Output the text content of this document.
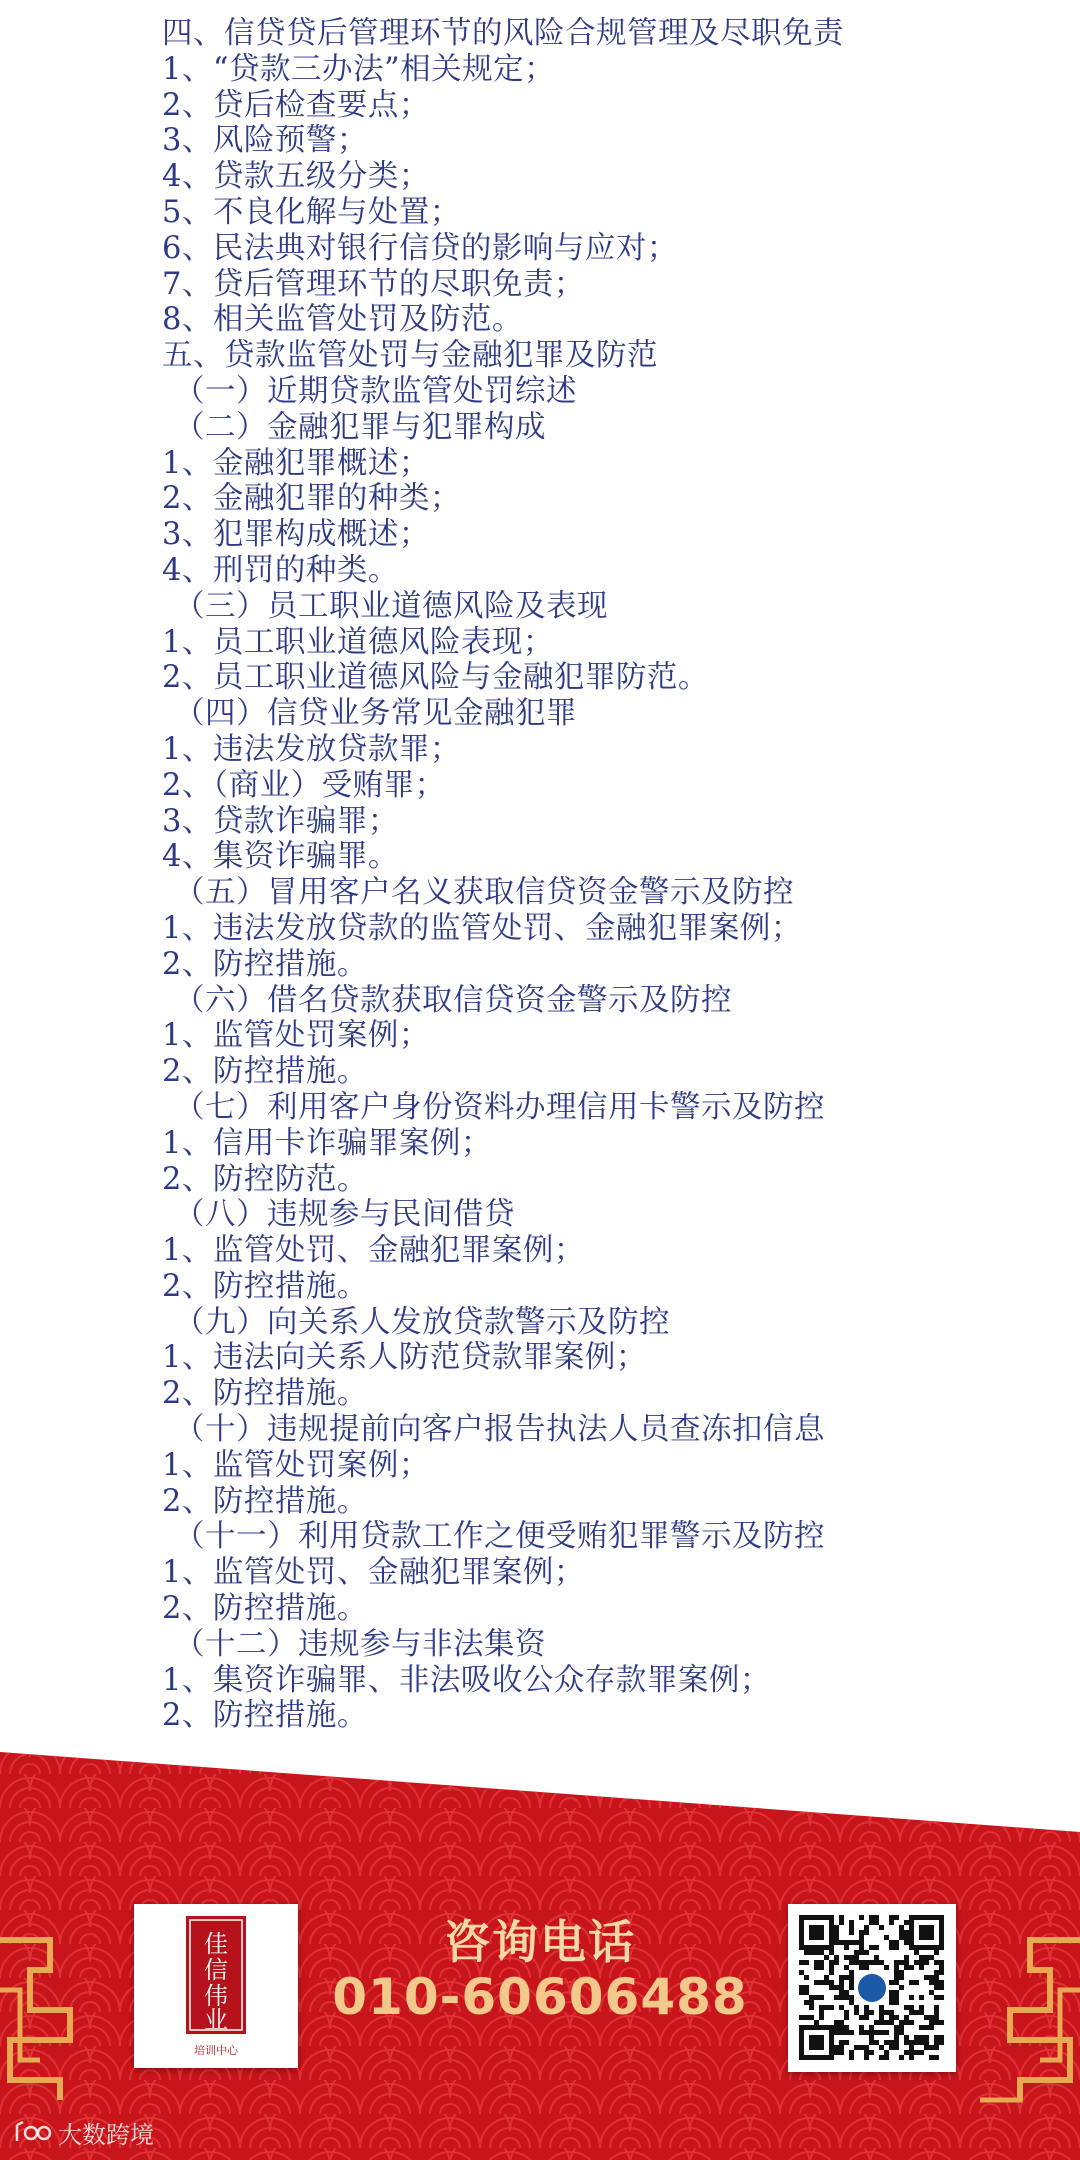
四、信贷贷后管理环节的风险合规管理及尽职免责
1、“贷款三办法”相关规定；
2、贷后检查要点；
3、风险预警；
4、贷款五级分类；
5、不良化解与处置；
6、民法典对银行信贷的影响与应对；
7、贷后管理环节的尽职免责；
8、相关监管处罚及防范。
五、贷款监管处罚与金融犯罪及防范
（一）近期贷款监管处罚综述
（二）金融犯罪与犯罪构成
1、金融犯罪概述；
2、金融犯罪的种类；
3、犯罪构成概述；
4、刑罚的种类。
（三）员工职业道德风险及表现
1、员工职业道德风险表现；
2、员工职业道德风险与金融犯罪防范。
（四）信贷业务常见金融犯罪
1、违法发放贷款罪；
2、（商业）受贿罪；
3、贷款诈骗罪；
4、集资诈骗罪。
（五）冒用客户名义获取信贷资金警示及防控
1、违法发放贷款的监管处罚、金融犯罪案例；
2、防控措施。
（六）借名贷款获取信贷资金警示及防控
1、监管处罚案例；
2、防控措施。
（七）利用客户身份资料办理信用卡警示及防控
1、信用卡诈骗罪案例；
2、防控防范。
（八）违规参与民间借贷
1、监管处罚、金融犯罪案例；
2、防控措施。
（九）向关系人发放贷款警示及防控
1、违法向关系人防范贷款罪案例；
2、防控措施。
（十）违规提前向客户报告执法人员查冻扣信息
1、监管处罚案例；
2、防控措施。
（十一）利用贷款工作之便受贿犯罪警示及防控
1、监管处罚、金融犯罪案例；
2、防控措施。
（十二）违规参与非法集资
1、集资诈骗罪、非法吸收公众存款罪案例；
2、防控措施。
佳
信
伟
业
培训中心
咨询电话
010-60606488
大数跨境
